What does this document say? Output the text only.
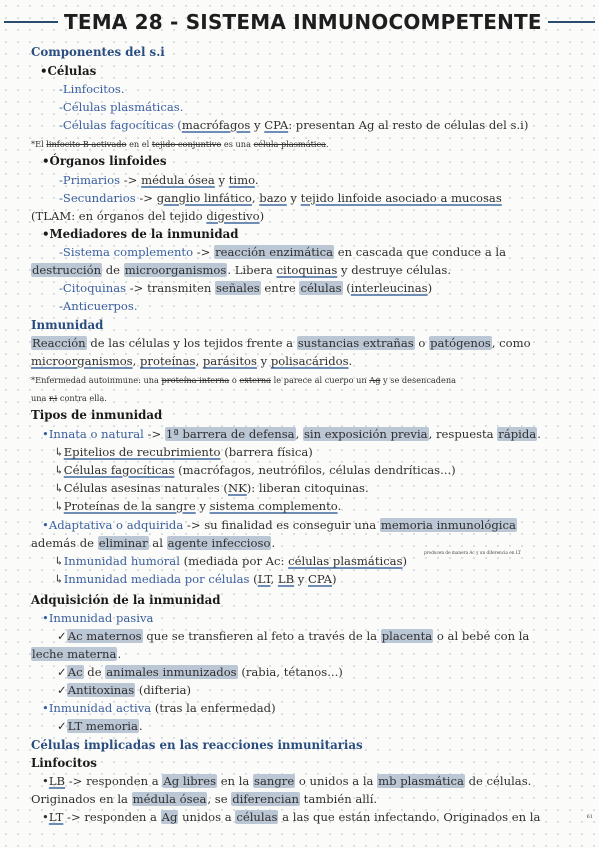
TEMA 28 - SISTEMA INMUNOCOMPETENTE
Componentes del s.i
•Células
-Linfocitos.
-Células plasmáticas.
-Células fagocíticas (macrófagos y CPA: presentan Ag al resto de células del s.i)
*El linfocito B activado en el tejido conjuntivo es una célula plasmática.
•Órganos linfoides
-Primarios -> médula ósea y timo.
-Secundarios -> ganglio linfático, bazo y tejido linfoide asociado a mucosas
(TLAM: en órganos del tejido digestivo)
•Mediadores de la inmunidad
-Sistema complemento -> reacción enzimática en cascada que conduce a la
destrucción de microorganismos. Libera citoquinas y destruye células.
-Citoquinas -> transmiten señales entre células (interleucinas)
-Anticuerpos.
Inmunidad
Reacción de las células y los tejidos frente a sustancias extrañas o patógenos, como
microorganismos, proteínas, parásitos y polisacáridos.
*Enfermedad autoinmune: una proteína interna o externa le parece al cuerpo un Ag y se desencadena
una r.i contra ella.
Tipos de inmunidad
•Innata o natural -> 1ª barrera de defensa, sin exposición previa, respuesta rápida.
↳Epitelios de recubrimiento (barrera física)
↳Células fagocíticas (macrófagos, neutrófilos, células dendríticas...)
↳Células asesinas naturales (NK): liberan citoquinas.
↳Proteínas de la sangre y sistema complemento.
•Adaptativa o adquirida -> su finalidad es conseguir una memoria inmunológica
además de eliminar al agente infeccioso.
producen de manera Ac y un diferencia en LT
↳Inmunidad humoral (mediada por Ac: células plasmáticas)
↳Inmunidad mediada por células (LT, LB y CPA)
Adquisición de la inmunidad
•Inmunidad pasiva
✓Ac maternos que se transfieren al feto a través de la placenta o al bebé con la
leche materna.
✓Ac de animales inmunizados (rabia, tétanos...)
✓Antitoxinas (difteria)
•Inmunidad activa (tras la enfermedad)
✓LT memoria.
Células implicadas en las reacciones inmunitarias
Linfocitos
•LB -> responden a Ag libres en la sangre o unidos a la mb plasmática de células.
Originados en la médula ósea, se diferencian también allí.
•LT -> responden a Ag unidos a células a las que están infectando. Originados en la	61
